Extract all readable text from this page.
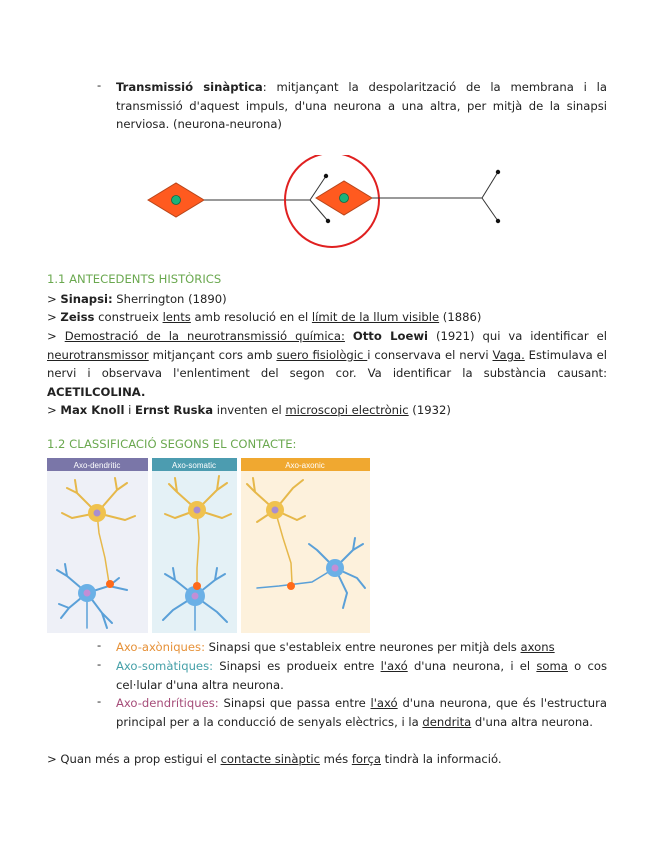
- Transmissió sinàptica: mitjançant la despolarització de la membrana i la transmissió d'aquest impuls, d'una neurona a una altra, per mitjà de la sinapsi nerviosa. (neurona-neurona)
1.1 ANTECEDENTS HISTÒRICS
> Sinapsi: Sherrington (1890)
> Zeiss construeix lents amb resolució en el límit de la llum visible (1886)
> Demostració de la neurotransmissió química: Otto Loewi (1921) qui va identificar el neurotransmissor mitjançant cors amb suero fisiològic i conservava el nervi Vaga. Estimulava el nervi i observava l'enlentiment del segon cor. Va identificar la substància causant: ACETILCOLINA.
> Max Knoll i Ernst Ruska inventen el microscopi electrònic (1932)
1.2 CLASSIFICACIÓ SEGONS EL CONTACTE:
Axo-dendritic	Axo-somatic	Axo-axonic
- Axo-axòniques: Sinapsi que s'estableix entre neurones per mitjà dels axons
- Axo-somàtiques: Sinapsi es produeix entre l'axó d'una neurona, i el soma o cos cel·lular d'una altra neurona.
- Axo-dendrítiques: Sinapsi que passa entre l'axó d'una neurona, que és l'estructura principal per a la conducció de senyals elèctrics, i la dendrita d'una altra neurona.
> Quan més a prop estigui el contacte sinàptic més força tindrà la informació.
